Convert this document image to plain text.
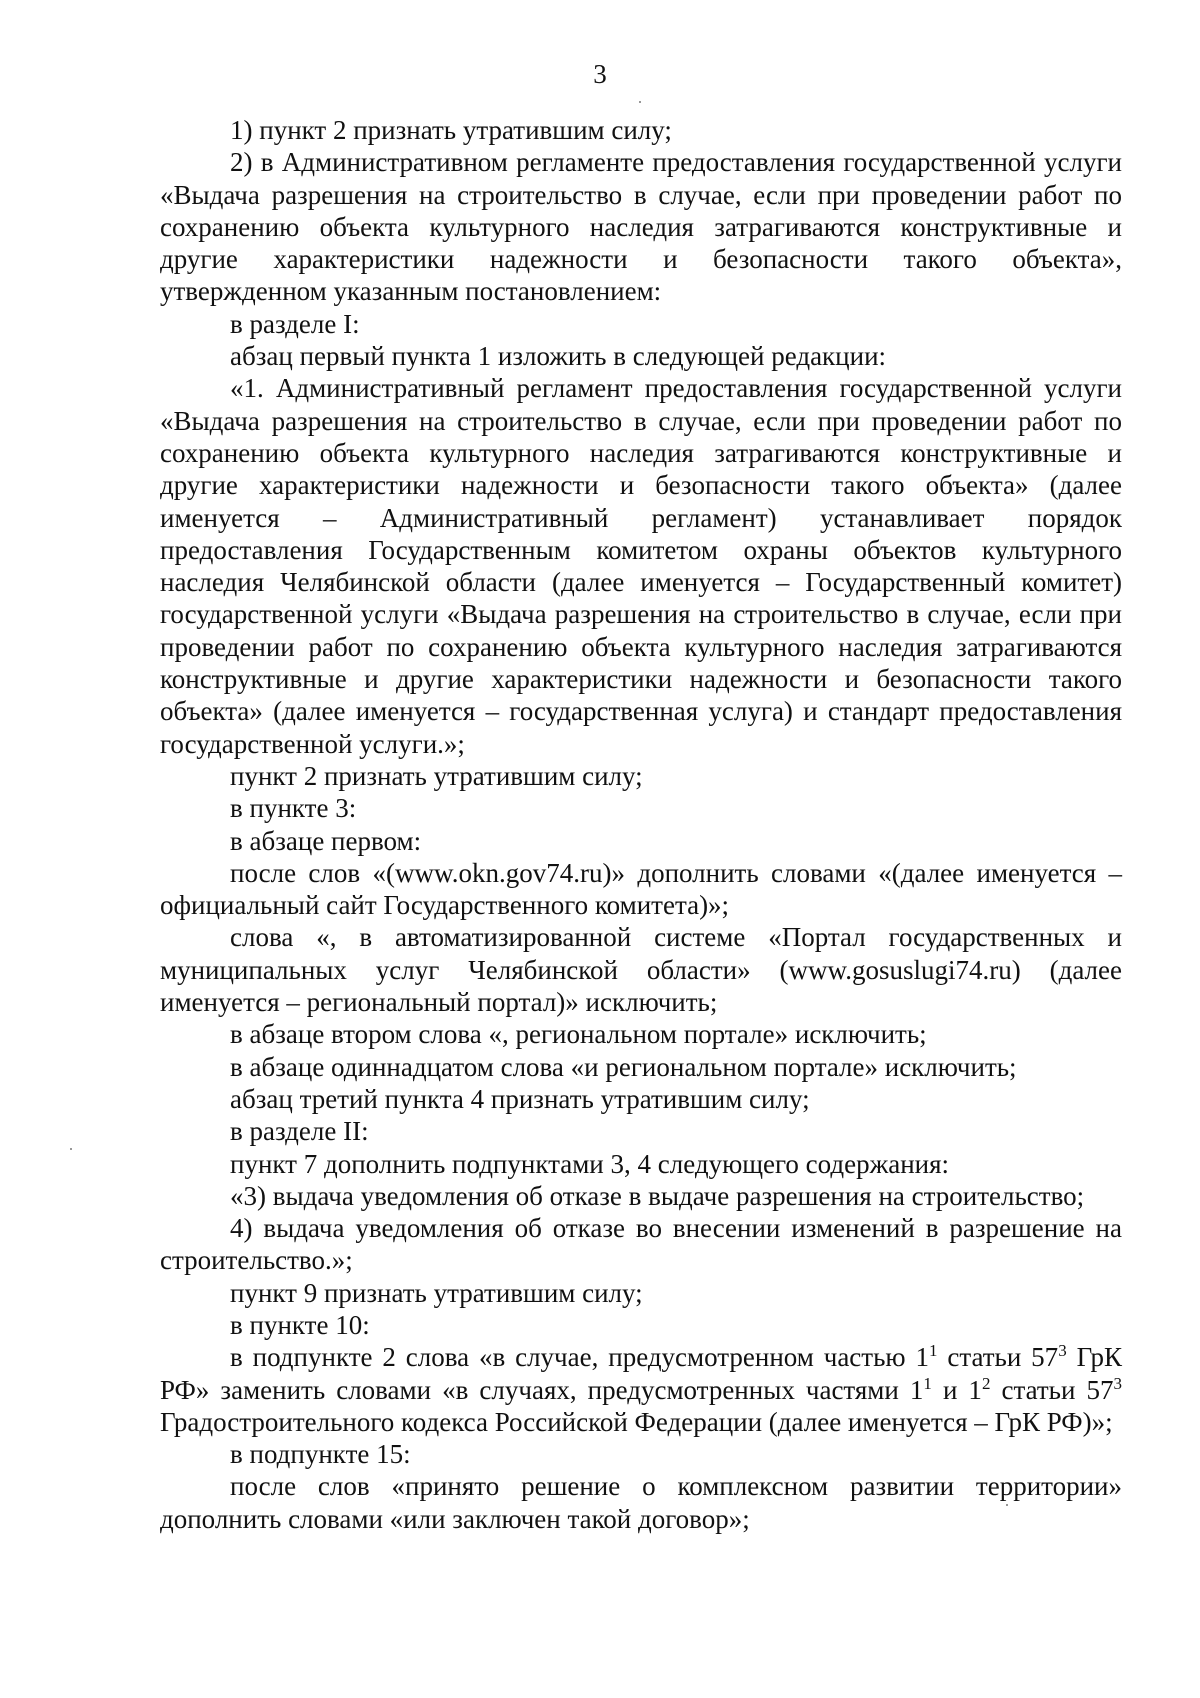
3

1) пункт 2 признать утратившим силу;

2) в Административном регламенте предоставления государственной услуги «Выдача разрешения на строительство в случае, если при проведении работ по сохранению объекта культурного наследия затрагиваются конструктивные и другие характеристики надежности и безопасности такого объекта», утвержденном указанным постановлением:

в разделе I:

абзац первый пункта 1 изложить в следующей редакции:

«1. Административный регламент предоставления государственной услуги «Выдача разрешения на строительство в случае, если при проведении работ по сохранению объекта культурного наследия затрагиваются конструктивные и другие характеристики надежности и безопасности такого объекта» (далее именуется – Административный регламент) устанавливает порядок предоставления Государственным комитетом охраны объектов культурного наследия Челябинской области (далее именуется – Государственный комитет) государственной услуги «Выдача разрешения на строительство в случае, если при проведении работ по сохранению объекта культурного наследия затрагиваются конструктивные и другие характеристики надежности и безопасности такого объекта» (далее именуется – государственная услуга) и стандарт предоставления государственной услуги.»;

пункт 2 признать утратившим силу;

в пункте 3:

в абзаце первом:

после слов «(www.okn.gov74.ru)» дополнить словами «(далее именуется – официальный сайт Государственного комитета)»;

слова «, в автоматизированной системе «Портал государственных и муниципальных услуг Челябинской области» (www.gosuslugi74.ru) (далее именуется – региональный портал)» исключить;

в абзаце втором слова «, региональном портале» исключить;

в абзаце одиннадцатом слова «и региональном портале» исключить;

абзац третий пункта 4 признать утратившим силу;

в разделе II:

пункт 7 дополнить подпунктами 3, 4 следующего содержания:

«3) выдача уведомления об отказе в выдаче разрешения на строительство;

4) выдача уведомления об отказе во внесении изменений в разрешение на строительство.»;

пункт 9 признать утратившим силу;

в пункте 10:

в подпункте 2 слова «в случае, предусмотренном частью $1^1$ статьи $57^3$ ГрК РФ» заменить словами «в случаях, предусмотренных частями $1^1$ и $1^2$ статьи $57^3$ Градостроительного кодекса Российской Федерации (далее именуется – ГрК РФ)»;

в подпункте 15:

после слов «принято решение о комплексном развитии территории» дополнить словами «или заключен такой договор»;
